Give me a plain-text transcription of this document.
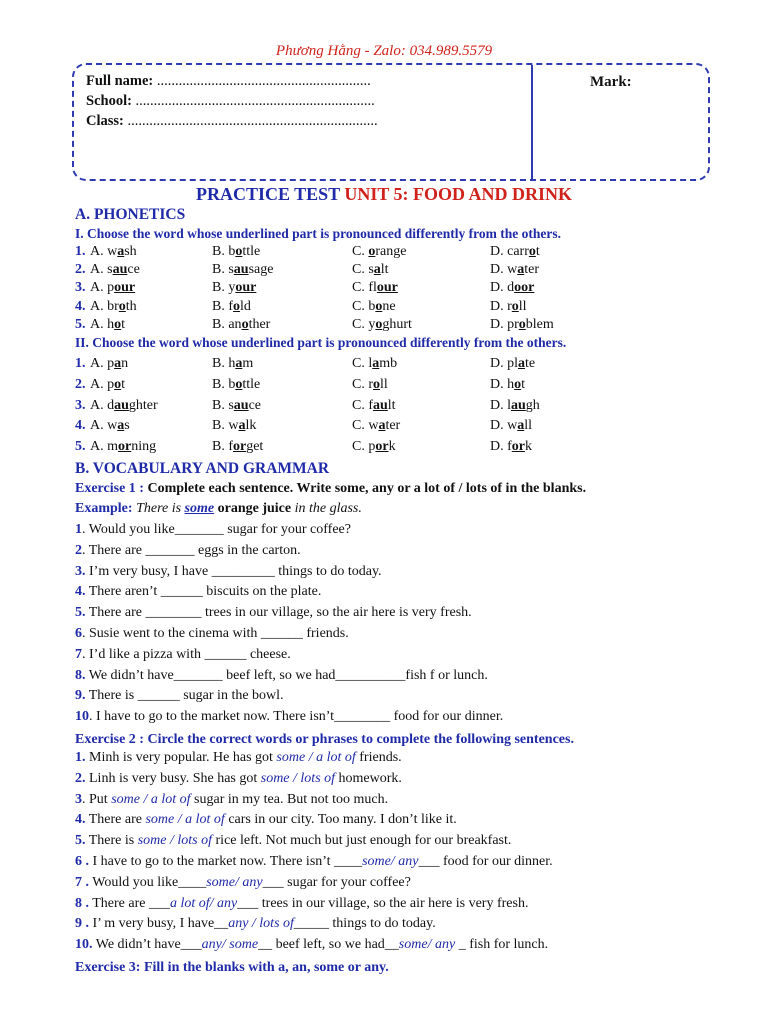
Phương Hằng - Zalo: 034.989.5579
Full name: ...........................................................
School: ..................................................................
Class: .....................................................................
Mark:
PRACTICE TEST UNIT 5: FOOD AND DRINK
A. PHONETICS
I. Choose the word whose underlined part is pronounced differently from the others.
1. A. wash	B. bottle	C. orange	D. carrot
2. A. sauce	B. sausage	C. salt	D. water
3. A. pour	B. your	C. flour	D. door
4. A. broth	B. fold	C. bone	D. roll
5. A. hot	B. another	C. yoghurt	D. problem
II. Choose the word whose underlined part is pronounced differently from the others.
1. A. pan	B. ham	C. lamb	D. plate
2. A. pot	B. bottle	C. roll	D. hot
3. A. daughter	B. sauce	C. fault	D. laugh
4. A. was	B. walk	C. water	D. wall
5. A. morning	B. forget	C. pork	D. fork
B. VOCABULARY AND GRAMMAR
Exercise 1 : Complete each sentence. Write some, any or a lot of / lots of in the blanks.
Example: There is some orange juice in the glass.
1. Would you like_______ sugar for your coffee?
2. There are _______ eggs in the carton.
3. I’m very busy, I have _________ things to do today.
4. There aren’t ______ biscuits on the plate.
5. There are ________ trees in our village, so the air here is very fresh.
6. Susie went to the cinema with ______ friends.
7. I’d like a pizza with ______ cheese.
8. We didn’t have_______ beef left, so we had__________fish f or lunch.
9. There is ______ sugar in the bowl.
10. I have to go to the market now. There isn’t________ food for our dinner.
Exercise 2 : Circle the correct words or phrases to complete the following sentences.
1. Minh is very popular. He has got some / a lot of friends.
2. Linh is very busy. She has got some / lots of homework.
3. Put some / a lot of sugar in my tea. But not too much.
4. There are some / a lot of cars in our city. Too many. I don’t like it.
5. There is some / lots of rice left. Not much but just enough for our breakfast.
6 . I have to go to the market now. There isn’t ____some/ any___ food for our dinner.
7 . Would you like____some/ any___ sugar for your coffee?
8 . There are ___a lot of/ any___ trees in our village, so the air here is very fresh.
9 . I’ m very busy, I have__any / lots of_____ things to do today.
10. We didn’t have___any/ some__ beef left, so we had__some/ any _ fish for lunch.
Exercise 3: Fill in the blanks with a, an, some or any.
